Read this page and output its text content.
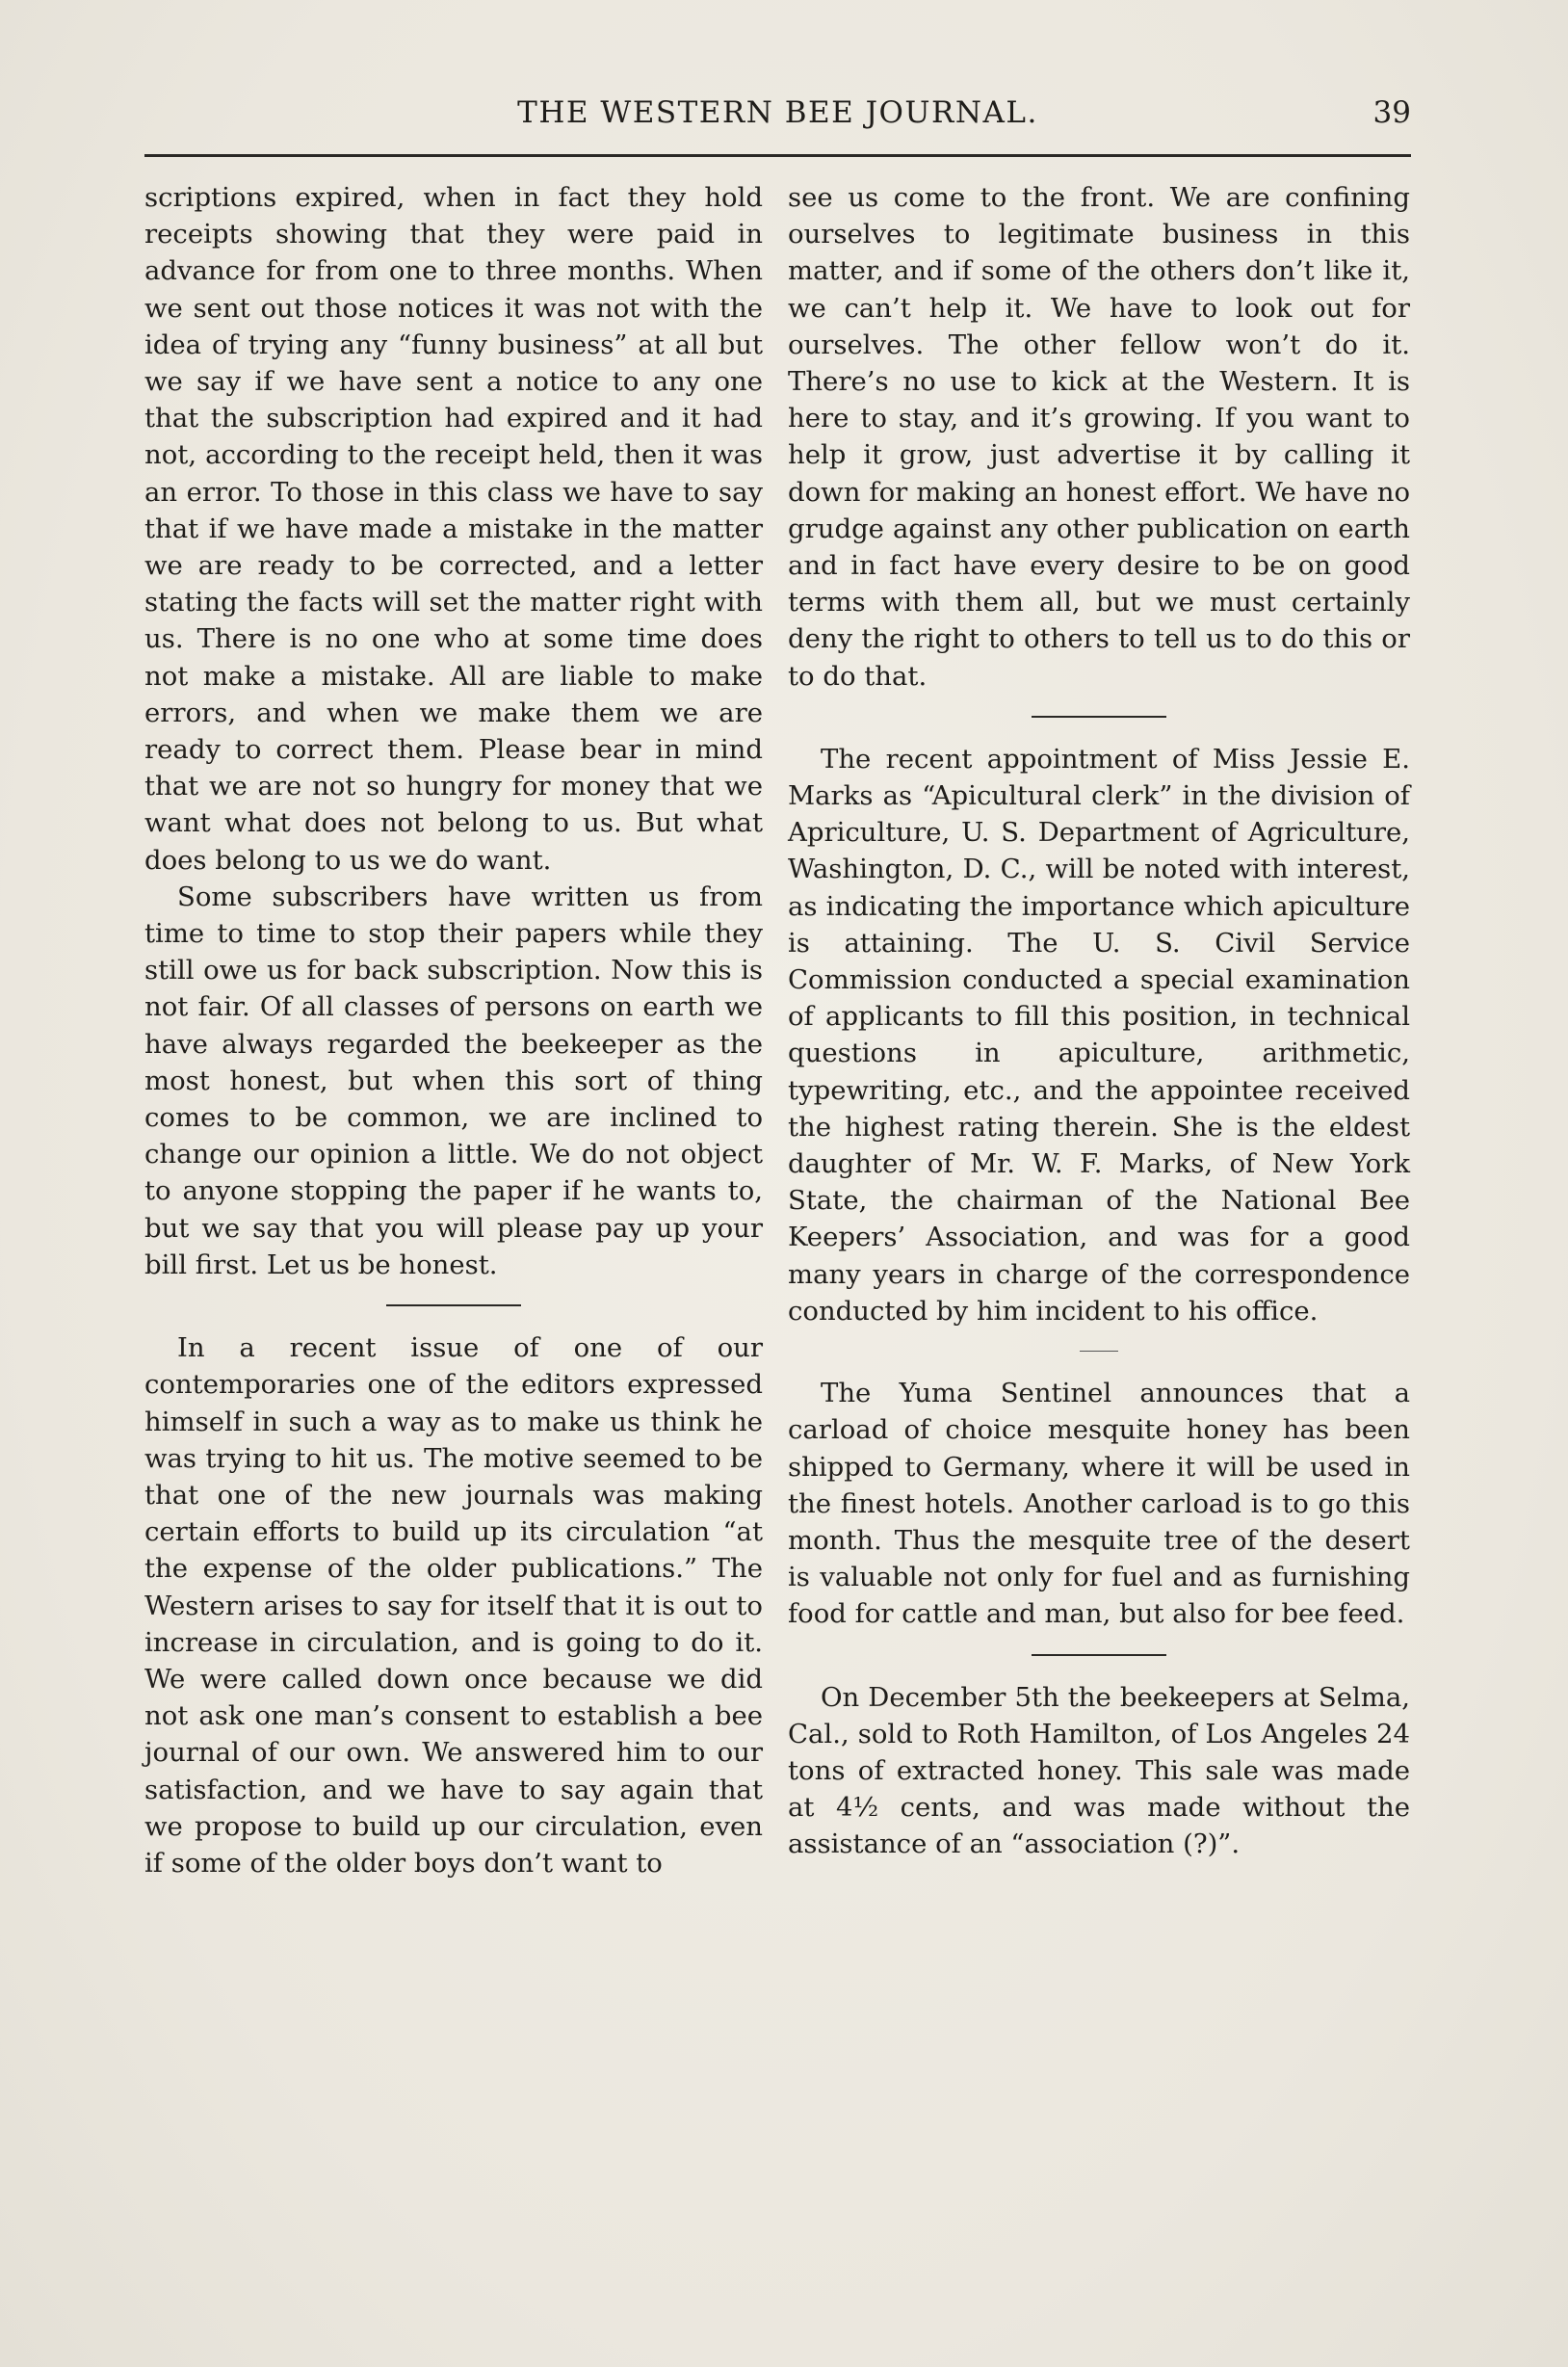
THE WESTERN BEE JOURNAL.	39

scriptions expired, when in fact they hold receipts showing that they were paid in advance for from one to three months. When we sent out those notices it was not with the idea of trying any “funny business” at all but we say if we have sent a notice to any one that the subscription had expired and it had not, according to the receipt held, then it was an error. To those in this class we have to say that if we have made a mistake in the matter we are ready to be corrected, and a letter stating the facts will set the matter right with us. There is no one who at some time does not make a mistake. All are liable to make errors, and when we make them we are ready to correct them. Please bear in mind that we are not so hungry for money that we want what does not belong to us. But what does belong to us we do want.

Some subscribers have written us from time to time to stop their papers while they still owe us for back subscription. Now this is not fair. Of all classes of persons on earth we have always regarded the beekeeper as the most honest, but when this sort of thing comes to be common, we are inclined to change our opinion a little. We do not object to anyone stopping the paper if he wants to, but we say that you will please pay up your bill first. Let us be honest.

In a recent issue of one of our contemporaries one of the editors expressed himself in such a way as to make us think he was trying to hit us. The motive seemed to be that one of the new journals was making certain efforts to build up its circulation “at the expense of the older publications.” The Western arises to say for itself that it is out to increase in circulation, and is going to do it. We were called down once because we did not ask one man’s consent to establish a bee journal of our own. We answered him to our satisfaction, and we have to say again that we propose to build up our circulation, even if some of the older boys don’t want to

see us come to the front. We are confining ourselves to legitimate business in this matter, and if some of the others don’t like it, we can’t help it. We have to look out for ourselves. The other fellow won’t do it. There’s no use to kick at the Western. It is here to stay, and it’s growing. If you want to help it grow, just advertise it by calling it down for making an honest effort. We have no grudge against any other publication on earth and in fact have every desire to be on good terms with them all, but we must certainly deny the right to others to tell us to do this or to do that.

The recent appointment of Miss Jessie E. Marks as “Apicultural clerk” in the division of Apriculture, U. S. Department of Agriculture, Washington, D. C., will be noted with interest, as indicating the importance which apiculture is attaining. The U. S. Civil Service Commission conducted a special examination of applicants to fill this position, in technical questions in apiculture, arithmetic, typewriting, etc., and the appointee received the highest rating therein. She is the eldest daughter of Mr. W. F. Marks, of New York State, the chairman of the National Bee Keepers’ Association, and was for a good many years in charge of the correspondence conducted by him incident to his office.

The Yuma Sentinel announces that a carload of choice mesquite honey has been shipped to Germany, where it will be used in the finest hotels. Another carload is to go this month. Thus the mesquite tree of the desert is valuable not only for fuel and as furnishing food for cattle and man, but also for bee feed.

On December 5th the beekeepers at Selma, Cal., sold to Roth Hamilton, of Los Angeles 24 tons of extracted honey. This sale was made at 4½ cents, and was made without the assistance of an “association (?)”.
